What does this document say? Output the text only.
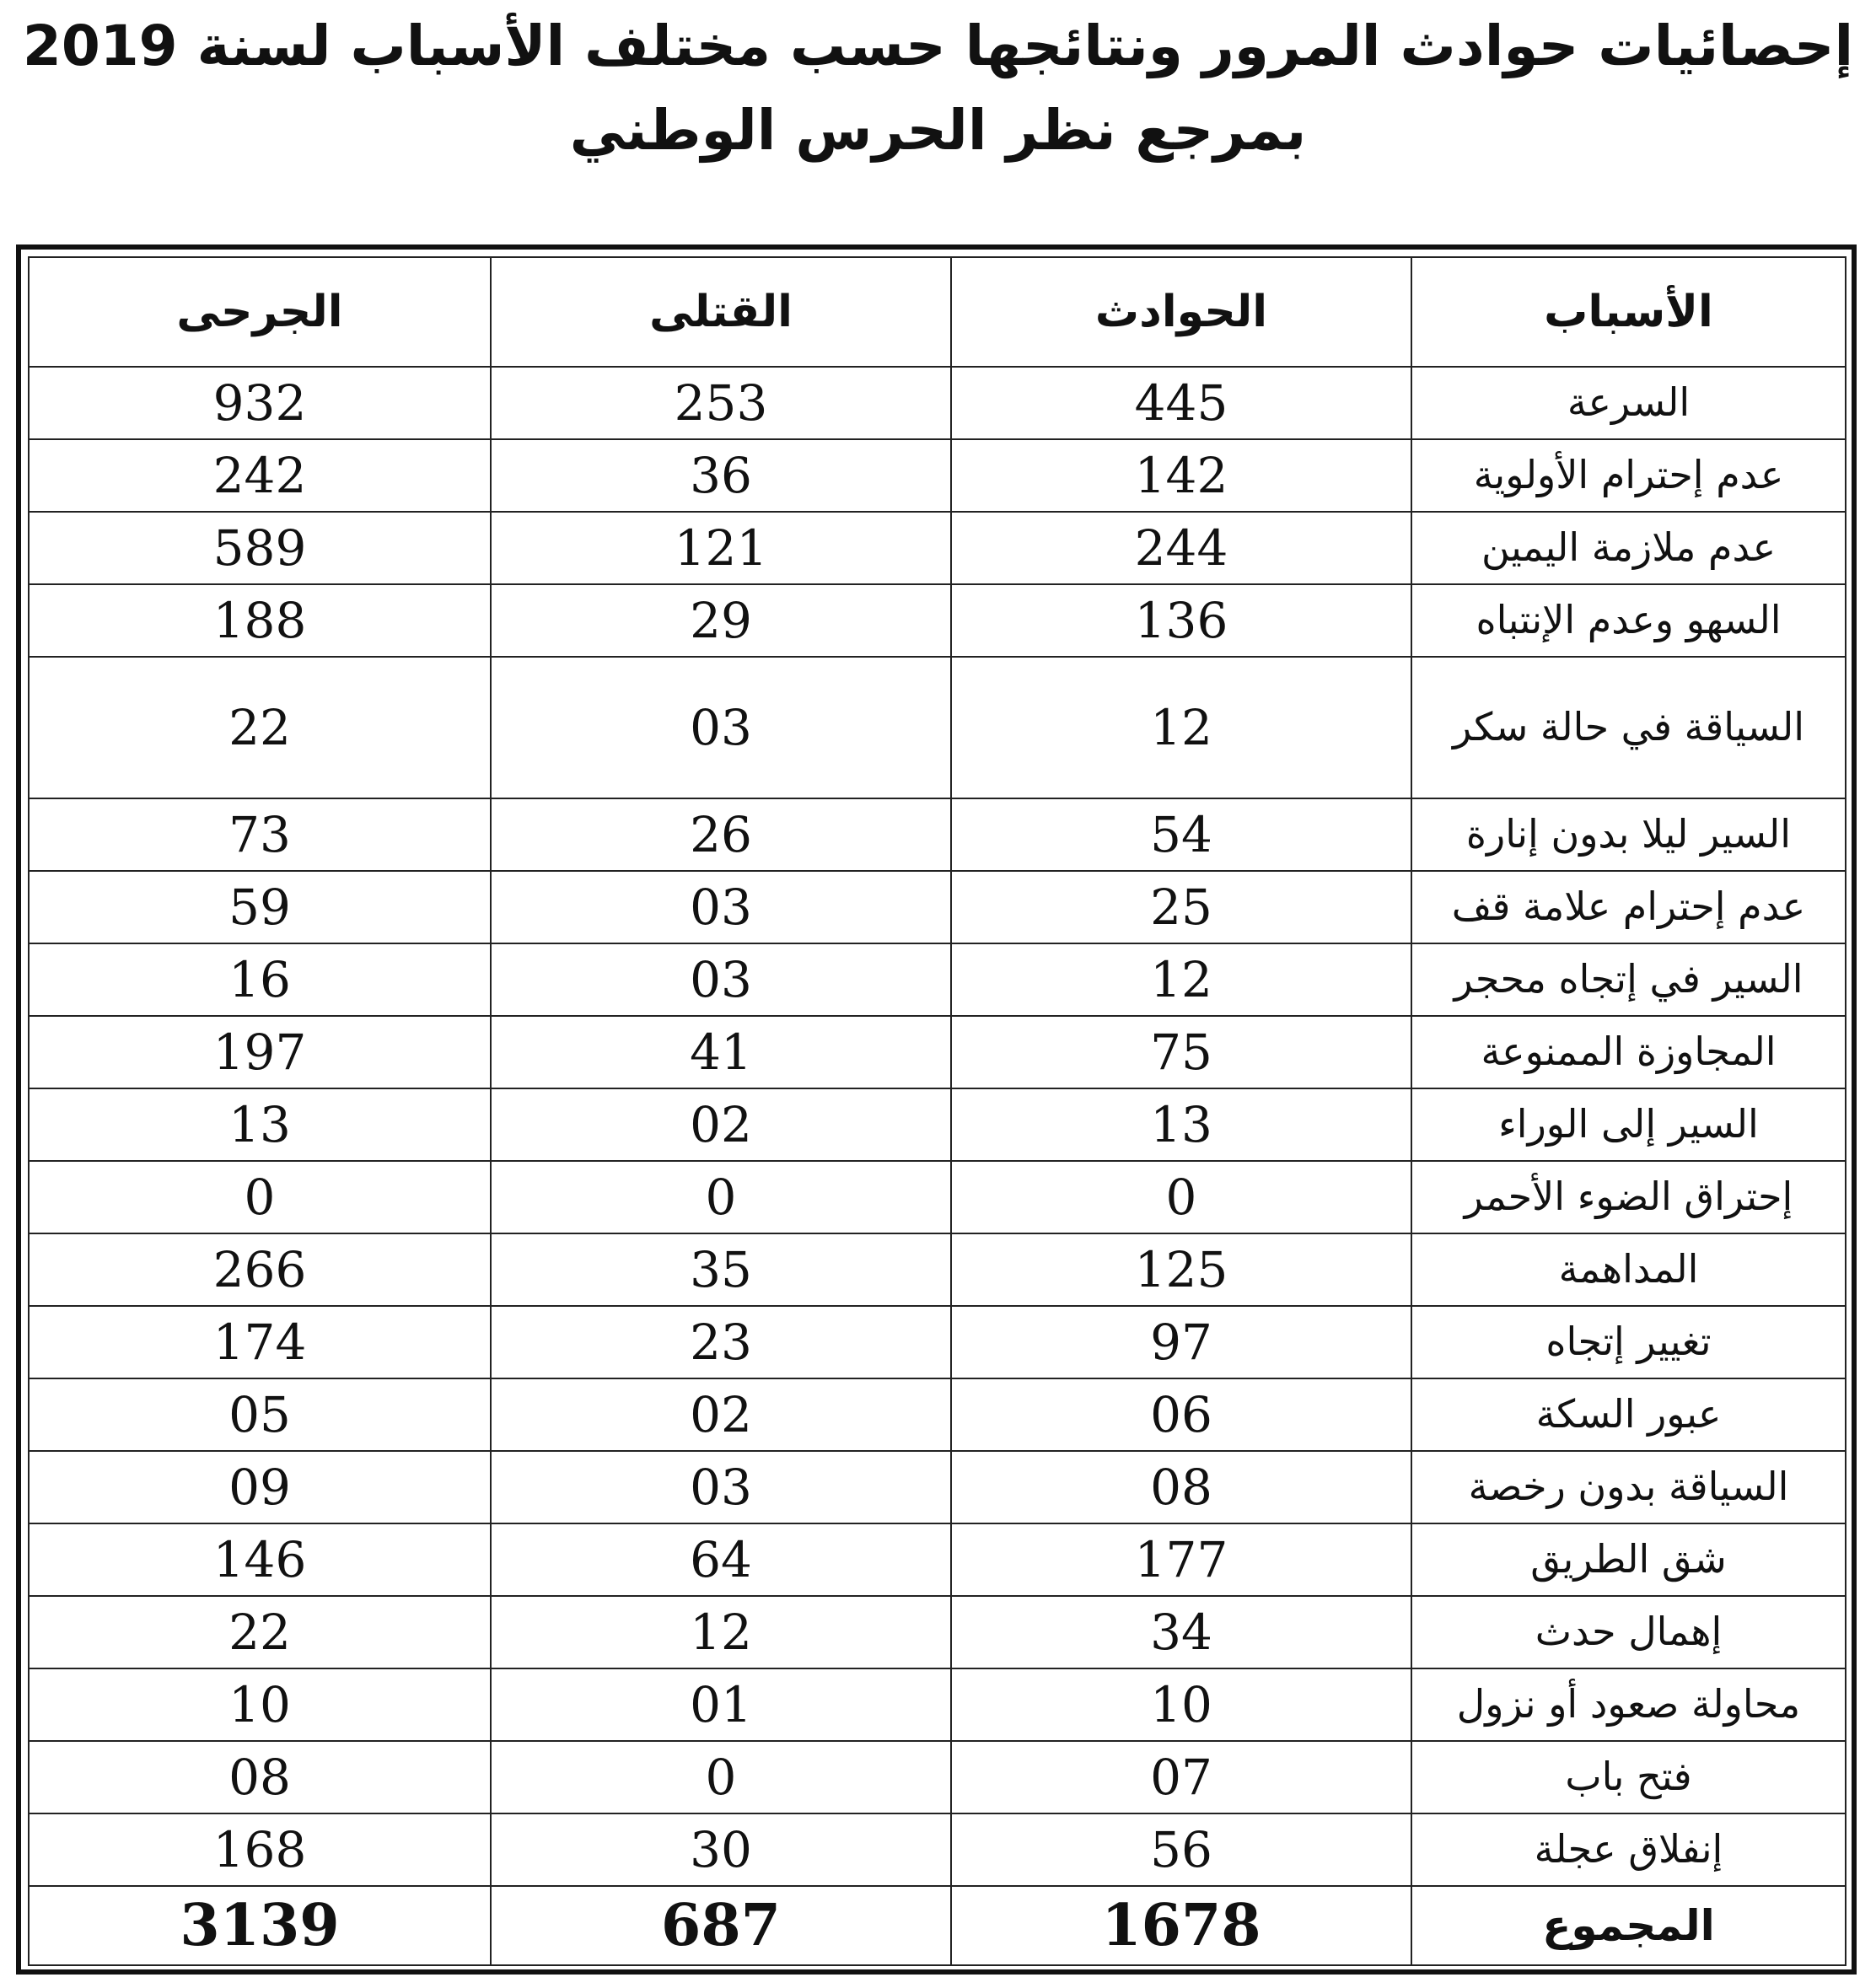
إحصائيات حوادث المرور ونتائجها حسب مختلف الأسباب لسنة 2019
بمرجع نظر الحرس الوطني
الأسباب	الحوادث	القتلى	الجرحى
السرعة	445	253	932
عدم إحترام الأولوية	142	36	242
عدم ملازمة اليمين	244	121	589
السهو وعدم الإنتباه	136	29	188
السياقة في حالة سكر	12	03	22
السير ليلا بدون إنارة	54	26	73
عدم إحترام علامة قف	25	03	59
السير في إتجاه محجر	12	03	16
المجاوزة الممنوعة	75	41	197
السير إلى الوراء	13	02	13
إحتراق الضوء الأحمر	0	0	0
المداهمة	125	35	266
تغيير إتجاه	97	23	174
عبور السكة	06	02	05
السياقة بدون رخصة	08	03	09
شق الطريق	177	64	146
إهمال حدث	34	12	22
محاولة صعود أو نزول	10	01	10
فتح باب	07	0	08
إنفلاق عجلة	56	30	168
المجموع	1678	687	3139
